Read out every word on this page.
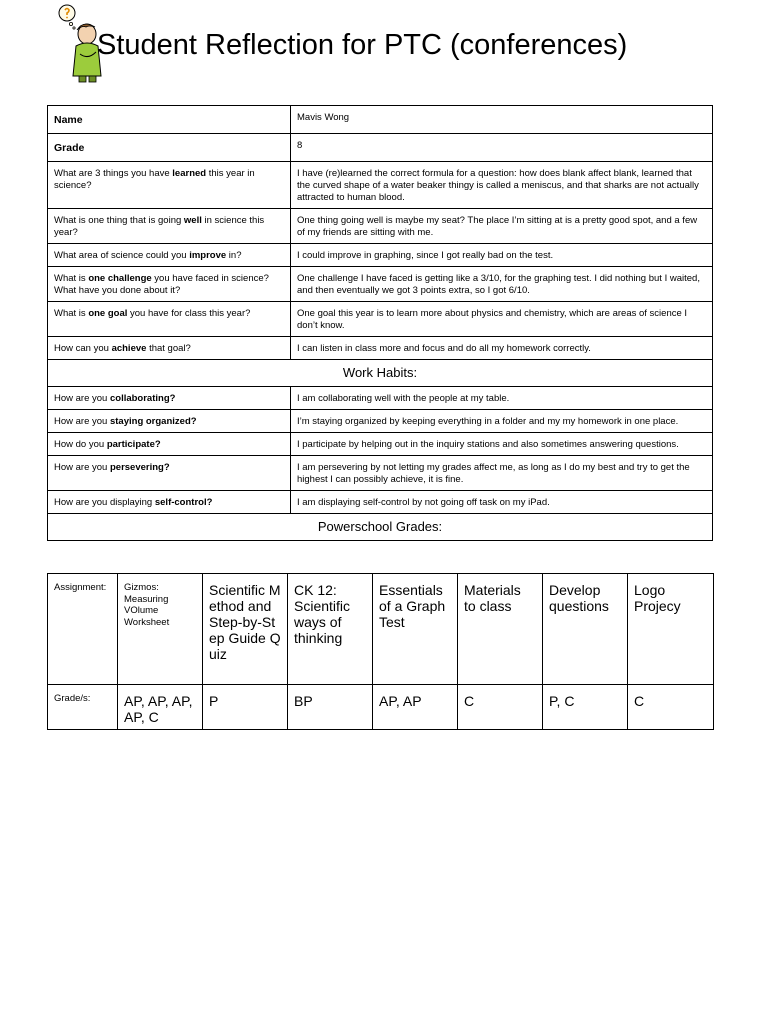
Student Reflection for PTC (conferences)
Name	Mavis Wong
Grade	8
What are 3 things you have learned this year in science?	I have (re)learned the correct formula for a question: how does blank affect blank, learned that the curved shape of a water beaker thingy is called a meniscus, and that sharks are not actually attracted to human blood.
What is one thing that is going well in science this year?	One thing going well is maybe my seat? The place I’m sitting at is a pretty good spot, and a few of my friends are sitting with me.
What area of science could you improve in?	I could improve in graphing, since I got really bad on the test.
What is one challenge you have faced in science? What have you done about it?	One challenge I have faced is getting like a 3/10, for the graphing test. I did nothing but I waited, and then eventually we got 3 points extra, so I got 6/10.
What is one goal you have for class this year?	One goal this year is to learn more about physics and chemistry, which are areas of science I don’t know.
How can you achieve that goal?	I can listen in class more and focus and do all my homework correctly.
Work Habits:	
How are you collaborating?	I am collaborating well with the people at my table.
How are you staying organized?	I’m staying organized by keeping everything in a folder and my my homework in one place.
How do you participate?	I participate by helping out in the inquiry stations and also sometimes answering questions.
How are you persevering?	I am persevering by not letting my grades affect me, as long as I do my best and try to get the highest I can possibly achieve, it is fine.
How are you displaying self-control?	I am displaying self-control by not going off task on my iPad.
Powerschool Grades:	
Assignment:	Gizmos: Measuring VOlume Worksheet	Scientific Method and Step-by-Step Guide Quiz	CK 12: Scientific ways of thinking	Essentials of a Graph Test	Materials to class	Develop questions	Logo Projecy
Grade/s:	AP, AP, AP, AP, C	P	BP	AP, AP	C	P, C	C
